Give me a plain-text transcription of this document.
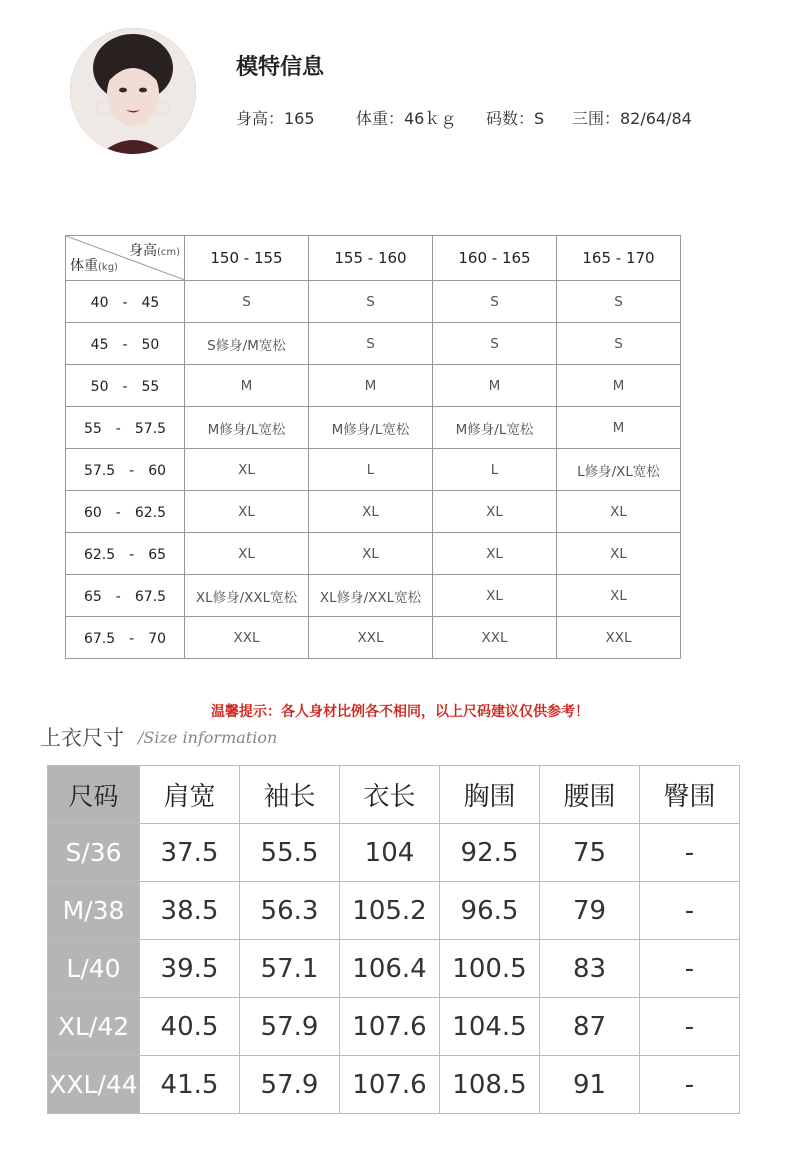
模特信息
身高：165	体重：46ｋｇ 码数：S 三围：82/64/84
身高(cm)
体重(kg)	150 - 155	155 - 160	160 - 165	165 - 170
40　-　45	S	S	S	S
45　-　50	S修身/M宽松	S	S	S
50　-　55	M	M	M	M
55　-　57.5	M修身/L宽松	M修身/L宽松	M修身/L宽松	M
57.5　-　60	XL	L	L	L修身/XL宽松
60　-　62.5	XL	XL	XL	XL
62.5　-　65	XL	XL	XL	XL
65　-　67.5	XL修身/XXL宽松	XL修身/XXL宽松	XL	XL
67.5　-　70	XXL	XXL	XXL	XXL
温馨提示：各人身材比例各不相同，以上尺码建议仅供参考！
上衣尺寸 /Size information
尺码	肩宽	袖长	衣长	胸围	腰围	臀围
S/36	37.5	55.5	104	92.5	75	-
M/38	38.5	56.3	105.2	96.5	79	-
L/40	39.5	57.1	106.4	100.5	83	-
XL/42	40.5	57.9	107.6	104.5	87	-
XXL/44	41.5	57.9	107.6	108.5	91	-
